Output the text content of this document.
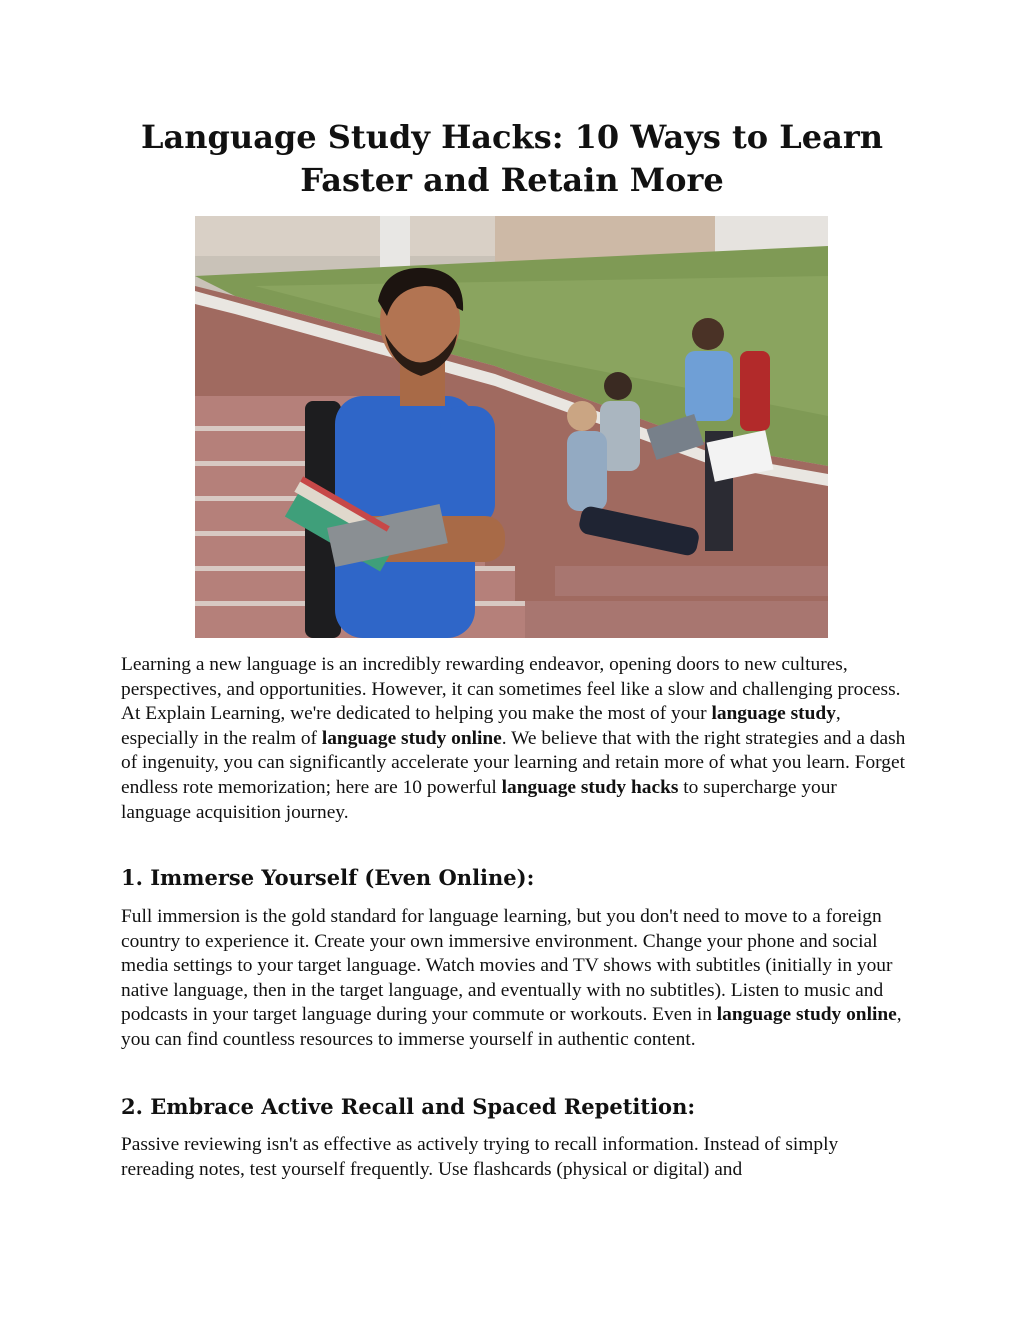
Language Study Hacks: 10 Ways to Learn Faster and Retain More

Learning a new language is an incredibly rewarding endeavor, opening doors to new cultures, perspectives, and opportunities. However, it can sometimes feel like a slow and challenging process. At Explain Learning, we're dedicated to helping you make the most of your language study, especially in the realm of language study online. We believe that with the right strategies and a dash of ingenuity, you can significantly accelerate your learning and retain more of what you learn. Forget endless rote memorization; here are 10 powerful language study hacks to supercharge your language acquisition journey.

1. Immerse Yourself (Even Online):

Full immersion is the gold standard for language learning, but you don't need to move to a foreign country to experience it. Create your own immersive environment. Change your phone and social media settings to your target language. Watch movies and TV shows with subtitles (initially in your native language, then in the target language, and eventually with no subtitles). Listen to music and podcasts in your target language during your commute or workouts. Even in language study online, you can find countless resources to immerse yourself in authentic content.

2. Embrace Active Recall and Spaced Repetition:

Passive reviewing isn't as effective as actively trying to recall information. Instead of simply rereading notes, test yourself frequently. Use flashcards (physical or digital) and
